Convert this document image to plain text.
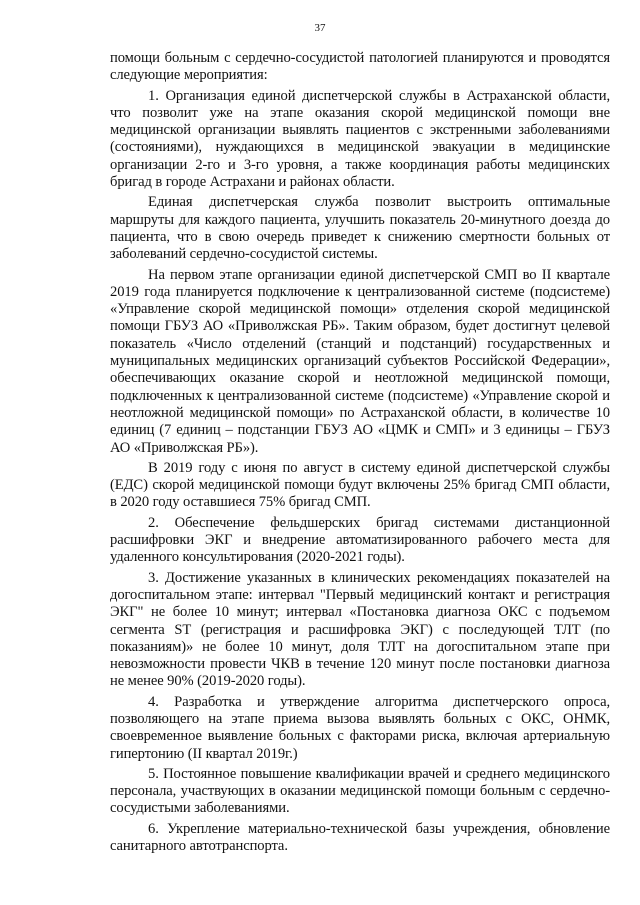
37

помощи больным с сердечно-сосудистой патологией планируются и проводятся следующие мероприятия:

1. Организация единой диспетчерской службы в Астраханской области, что позволит уже на этапе оказания скорой медицинской помощи вне медицинской организации выявлять пациентов с экстренными заболеваниями (состояниями), нуждающихся в медицинской эвакуации в медицинские организации 2-го и 3-го уровня, а также координация работы медицинских бригад в городе Астрахани и районах области.

Единая диспетчерская служба позволит выстроить оптимальные маршруты для каждого пациента, улучшить показатель 20-минутного доезда до пациента, что в свою очередь приведет к снижению смертности больных от заболеваний сердечно-сосудистой системы.

На первом этапе организации единой диспетчерской СМП во II квартале 2019 года планируется подключение к централизованной системе (подсистеме) «Управление скорой медицинской помощи» отделения скорой медицинской помощи ГБУЗ АО «Приволжская РБ». Таким образом, будет достигнут целевой показатель «Число отделений (станций и подстанций) государственных и муниципальных медицинских организаций субъектов Российской Федерации», обеспечивающих оказание скорой и неотложной медицинской помощи, подключенных к централизованной системе (подсистеме) «Управление скорой и неотложной медицинской помощи» по Астраханской области, в количестве 10 единиц (7 единиц – подстанции ГБУЗ АО «ЦМК и СМП» и 3 единицы – ГБУЗ АО «Приволжская РБ»).

В 2019 году с июня по август в систему единой диспетчерской службы (ЕДС) скорой медицинской помощи будут включены 25% бригад СМП области, в 2020 году оставшиеся 75% бригад СМП.

2. Обеспечение фельдшерских бригад системами дистанционной расшифровки ЭКГ и внедрение автоматизированного рабочего места для удаленного консультирования (2020-2021 годы).

3. Достижение указанных в клинических рекомендациях показателей на догоспитальном этапе: интервал "Первый медицинский контакт и регистрация ЭКГ" не более 10 минут; интервал «Постановка диагноза ОКС с подъемом сегмента ST (регистрация и расшифровка ЭКГ) с последующей ТЛТ (по показаниям)» не более 10 минут, доля ТЛТ на догоспитальном этапе при невозможности провести ЧКВ в течение 120 минут после постановки диагноза не менее 90% (2019-2020 годы).

4. Разработка и утверждение алгоритма диспетчерского опроса, позволяющего на этапе приема вызова выявлять больных с ОКС, ОНМК, своевременное выявление больных с факторами риска, включая артериальную гипертонию (II квартал 2019г.)

5. Постоянное повышение квалификации врачей и среднего медицинского персонала, участвующих в оказании медицинской помощи больным с сердечно-сосудистыми заболеваниями.

6. Укрепление материально-технической базы учреждения, обновление санитарного автотранспорта.
